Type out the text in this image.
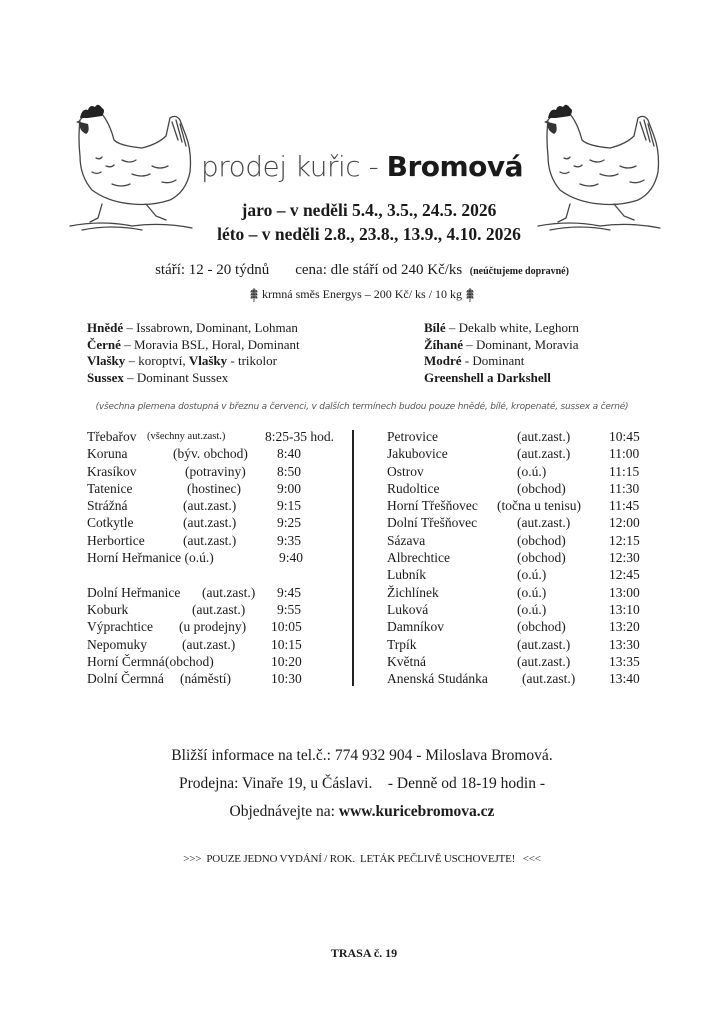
prodej kuřic - Bromová
jaro – v neděli 5.4., 3.5., 24.5. 2026
léto – v neděli 2.8., 23.8., 13.9., 4.10. 2026
stáří: 12 - 20 týdnů cena: dle stáří od 240 Kč/ks (neúčtujeme dopravné)
krmná směs Energys – 200 Kč/ ks / 10 kg
Hnědé – Issabrown, Dominant, Lohman
Černé – Moravia BSL, Horal, Dominant
Vlašky – koroptví, Vlašky - trikolor
Sussex – Dominant Sussex
Bílé – Dekalb white, Leghorn
Žíhané – Dominant, Moravia
Modré - Dominant
Greenshell a Darkshell
(všechna plemena dostupná v březnu a červenci, v dalších termínech budou pouze hnědé, bílé, kropenaté, sussex a černé)
Třebařov (všechny aut.zast.)	8:25-35 hod.
Koruna	(býv. obchod) 8:40
Krasíkov	(potraviny) 8:50
Tatenice	(hostinec)	9:00
Strážná	(aut.zast.)	9:15
Cotkytle	(aut.zast.)	9:25
Herbortice	(aut.zast.)	9:35
Horní Heřmanice (o.ú.)	9:40
Dolní Heřmanice (aut.zast.) 9:45
Koburk	(aut.zast.) 9:55
Výprachtice (u prodejny) 10:05
Nepomuky	(aut.zast.)	10:15
Horní Čermná (obchod)	10:20
Dolní Čermná (náměstí)	10:30
Petrovice	(aut.zast.)	10:45
Jakubovice	(aut.zast.)	11:00
Ostrov	(o.ú.)	11:15
Rudoltice	(obchod)	11:30
Horní Třešňovec (točna u tenisu) 11:45
Dolní Třešňovec	(aut.zast.)	12:00
Sázava	(obchod)	12:15
Albrechtice	(obchod)	12:30
Lubník	(o.ú.)	12:45
Žichlínek	(o.ú.)	13:00
Luková	(o.ú.)	13:10
Damníkov	(obchod)	13:20
Trpík	(aut.zast.)	13:30
Květná	(aut.zast.)	13:35
Anenská Studánka	(aut.zast.)	13:40
Bližší informace na tel.č.: 774 932 904 - Miloslava Bromová.
Prodejna: Vinaře 19, u Čáslavi.    - Denně od 18-19 hodin -
Objednávejte na: www.kuricebromova.cz
>>>  POUZE JEDNO VYDÁNÍ / ROK.  LETÁK PEČLIVĚ USCHOVEJTE!   <<<
TRASA č. 19
